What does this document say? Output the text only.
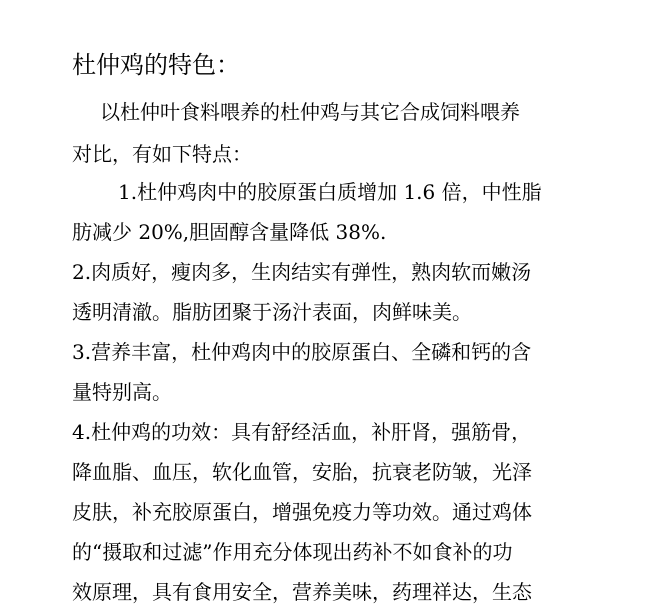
杜仲鸡的特色：
以杜仲叶食料喂养的杜仲鸡与其它合成饲料喂养
对比，有如下特点：
1.杜仲鸡肉中的胶原蛋白质增加 1.6 倍，中性脂
肪减少 20%,胆固醇含量降低 38%.
2.肉质好，瘦肉多，生肉结实有弹性，熟肉软而嫩汤
透明清澈。脂肪团聚于汤汁表面，肉鲜味美。
3.营养丰富，杜仲鸡肉中的胶原蛋白、全磷和钙的含
量特别高。
4.杜仲鸡的功效：具有舒经活血，补肝肾，强筋骨，
降血脂、血压，软化血管，安胎，抗衰老防皱，光泽
皮肤，补充胶原蛋白，增强免疫力等功效。通过鸡体
的“摄取和过滤”作用充分体现出药补不如食补的功
效原理，具有食用安全，营养美味，药理祥达，生态
